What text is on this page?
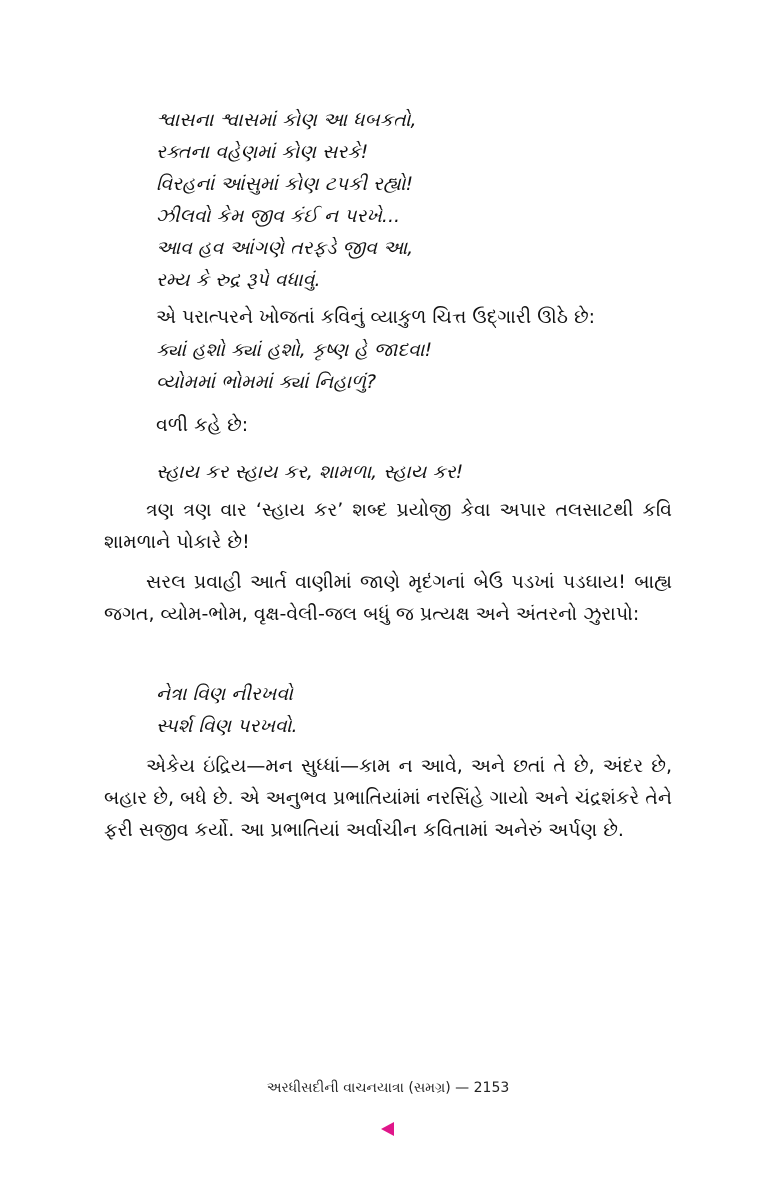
શ્વાસના શ્વાસમાં કોણ આ ધબકતો,
રક્તના વહેણમાં કોણ સરકે!
વિરહનાં આંસુમાં કોણ ટપકી રહ્યો!
ઝીલવો કેમ જીવ કંઈ ન પરખે...
આવ હવ આંગણે તરફડે જીવ આ,
રમ્ય કે રુદ્ર રૂપે વધાવું.

એ પરાત્પરને ખોજતાં કવિનું વ્યાકુળ ચિત્ત ઉદ્ગારી ઊઠે છે:

ક્યાં હશો ક્યાં હશો, કૃષ્ણ હે જાદવા!
વ્યોમમાં ભોમમાં ક્યાં નિહાળું?

વળી કહે છે:

સ્હાય કર સ્હાય કર, શામળા, સ્હાય કર!

ત્રણ ત્રણ વાર ‘સ્હાય કર’ શબ્દ પ્રયોજી કેવા અપાર તલસાટથી કવિ શામળાને પોકારે છે!

સરલ પ્રવાહી આર્ત વાણીમાં જાણે મૃદંગનાં બેઉ પડખાં પડઘાય! બાહ્ય જગત, વ્યોમ-ભોમ, વૃક્ષ-વેલી-જલ બધું જ પ્રત્યક્ષ અને અંતરનો ઝુરાપો:

નેત્રા વિણ નીરખવો
સ્પર્શ વિણ પરખવો.

એકેય ઇંદ્રિય—મન સુધ્ધાં—કામ ન આવે, અને છતાં તે છે, અંદર છે, બહાર છે, બધે છે. એ અનુભવ પ્રભાતિયાંમાં નરસિંહે ગાયો અને ચંદ્રશંકરે તેને ફરી સજીવ કર્યો. આ પ્રભાતિયાં અર્વાચીન કવિતામાં અનેરું અર્પણ છે.

અરધીસદીની વાચનયાત્રા (સમગ્ર) — 2153
